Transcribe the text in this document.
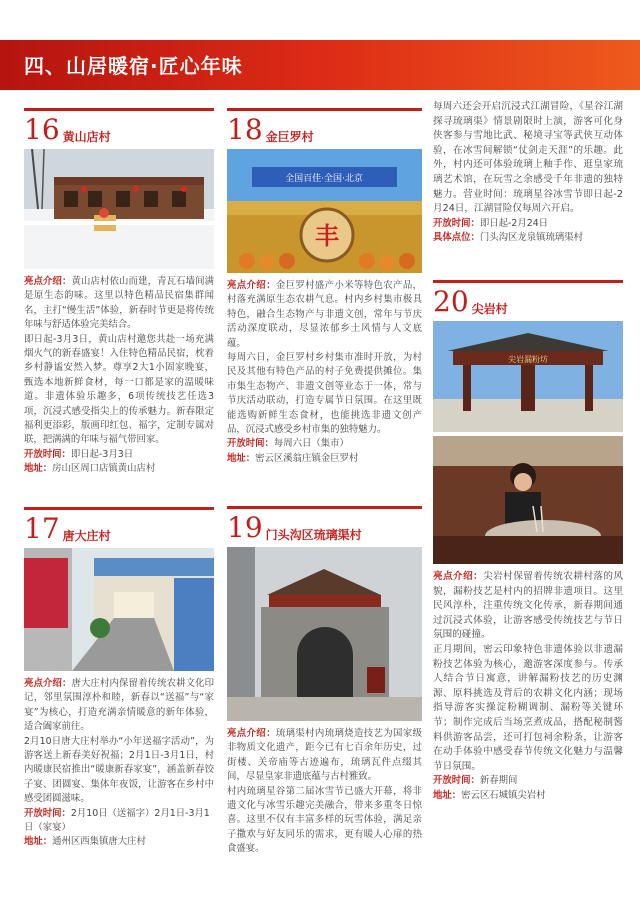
四、山居暖宿·匠心年味
16 黄山店村

亮点介绍：黄山店村依山而建，青瓦石墙间满是原生态韵味。这里以特色精品民宿集群闻名，主打“慢生活”体验，新春时节更是将传统年味与舒适体验完美结合。

即日起-3月3日，黄山店村邀您共赴一场充满烟火气的新春盛宴！入住特色精品民宿，枕着乡村静谧安然入梦。尊享2大1小固家晚宴，甄选本地新鲜食材，每一口都是家的温暖味道。非遗体验乐趣多，6项传统技艺任选3项，沉浸式感受指尖上的传承魅力。新春限定福利更添彩，版画印红包、福字，定制专属对联，把满满的年味与福气带回家。

开放时间：即日起-3月3日
地址：房山区周口店镇黄山店村
17 唐大庄村

亮点介绍：唐大庄村内保留着传统农耕文化印记，邻里氛围淳朴和睦，新春以“送福”与“家宴”为核心，打造充满亲情暖意的新年体验，适合阖家前往。

2月10日唐大庄村举办“小年送福字活动”，为游客送上新春美好祝福；2月1日-3月1日，村内暖康民宿推出“暖康新春家宴”，涵盖新春饺子宴、团圆宴、集体年夜饭，让游客在乡村中感受团圆滋味。

开放时间：2月10日（送福字）2月1日-3月1日（家宴）
地址：通州区西集镇唐大庄村
18 金巨罗村
全国百佳·全国·北京
丰

亮点介绍：金巨罗村盛产小米等特色农产品，村落充满原生态农耕气息。村内乡村集市极具特色，融合生态物产与非遗文创，常年与节庆活动深度联动，尽显浓郁乡土风情与人文底蕴。

每周六日，金巨罗村乡村集市准时开放，为村民及其他有特色产品的村子免费提供摊位。集市集生态物产、非遗文创等业态于一体，常与节庆活动联动，打造专属节日氛围。在这里既能选购新鲜生态食材，也能挑选非遗文创产品，沉浸式感受乡村市集的独特魅力。

开放时间：每周六日（集市）
地址：密云区溪翁庄镇金巨罗村
19 门头沟区琉璃渠村

亮点介绍：琉璃渠村内琉璃烧造技艺为国家级非物质文化遗产，距今已有七百余年历史，过街楼、关帝庙等古迹遍布，琉璃瓦件点缀其间，尽显皇家非遗底蕴与古村雅致。

村内琉璃星谷第二届冰雪节已盛大开幕，将非遗文化与冰雪乐趣完美融合，带来多重冬日惊喜。这里不仅有丰富多样的玩雪体验，满足亲子撒欢与好友同乐的需求，更有暖人心扉的热食盛宴。

每周六还会开启沉浸式江湖冒险，《星谷江湖 探寻琉璃渠》情景剧限时上演，游客可化身侠客参与雪地比武、秘境寻宝等武侠互动体验，在冰雪间解锁“仗剑走天涯”的乐趣。此外，村内还可体验琉璃上釉手作、逛皇家琉璃艺术馆，在玩雪之余感受千年非遗的独特魅力。营业时间：琉璃星谷冰雪节即日起-2月24日，江湖冒险仅每周六开启。

开放时间：即日起-2月24日
具体点位：门头沟区龙泉镇琉璃渠村
20 尖岩村
尖岩漏粉坊

亮点介绍：尖岩村保留着传统农耕村落的风貌，漏粉技艺是村内的招牌非遗项目。这里民风淳朴，注重传统文化传承，新春期间通过沉浸式体验，让游客感受传统技艺与节日氛围的碰撞。

正月期间，密云印象特色非遗体验以非遗漏粉技艺体验为核心，邀游客深度参与。传承人结合节日寓意，讲解漏粉技艺的历史渊源、原料挑选及背后的农耕文化内涵；现场指导游客实操淀粉糊调制、漏粉等关键环节；制作完成后当场烹煮成品，搭配秘制酱料供游客品尝，还可打包祠余粉条，让游客在动手体验中感受春节传统文化魅力与温馨节日氛围。

开放时间：新春期间
地址：密云区石城镇尖岩村
